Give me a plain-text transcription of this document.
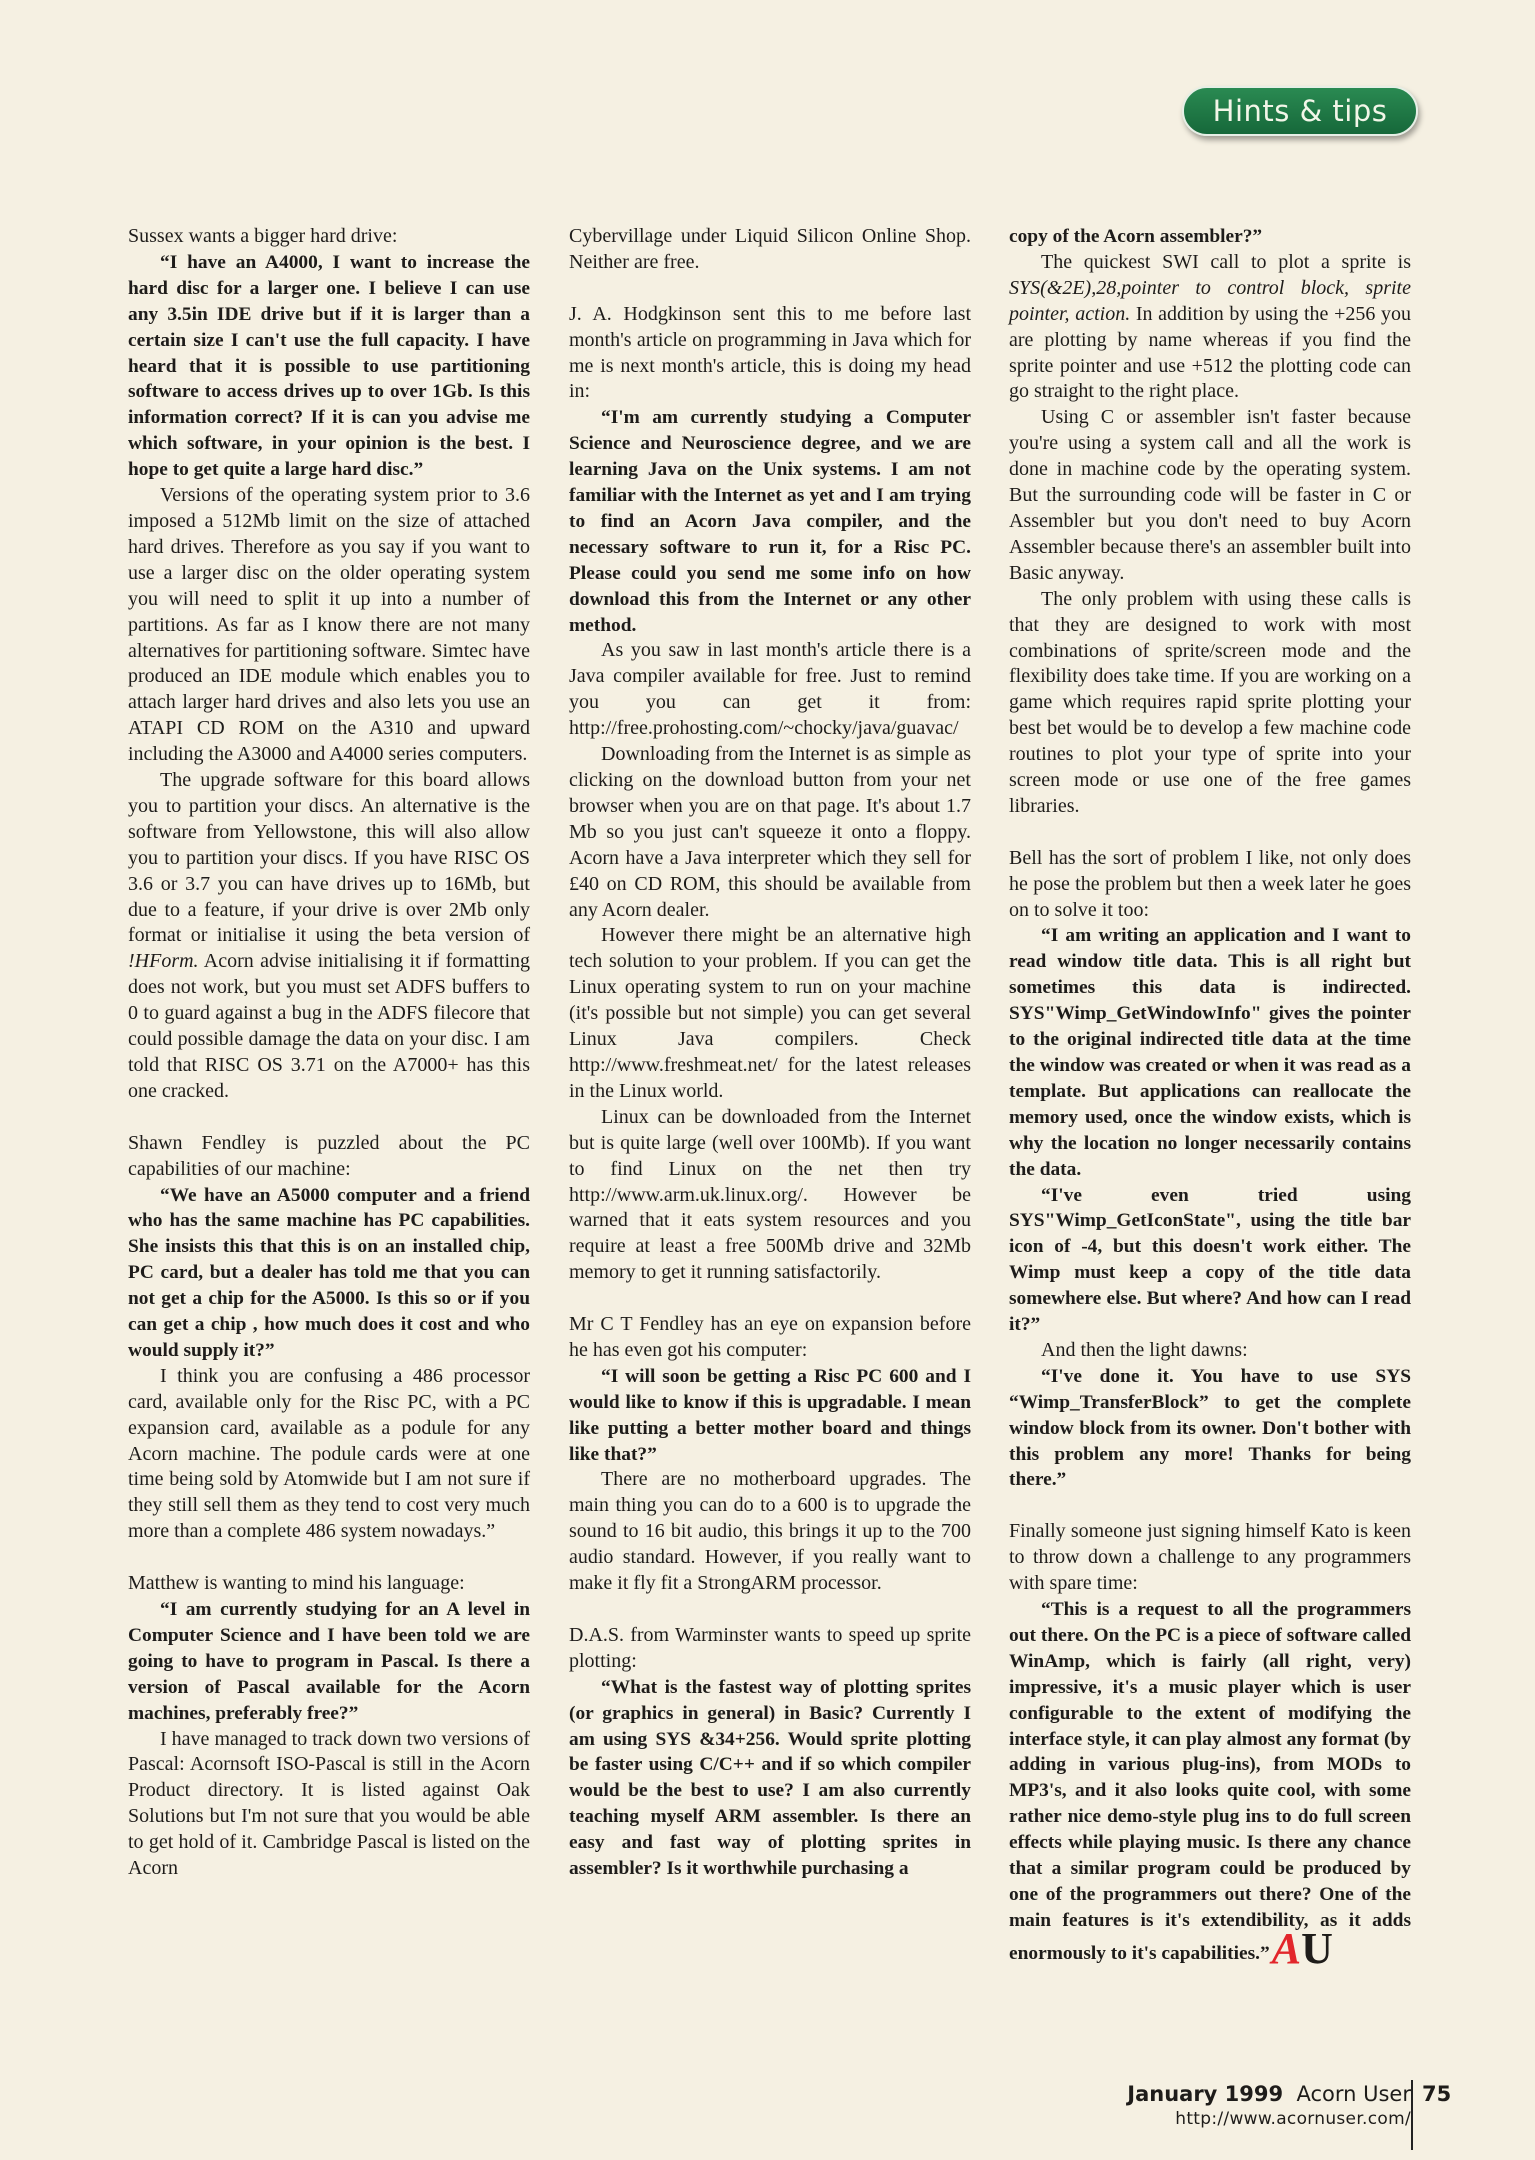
Hints & tips

Sussex wants a bigger hard drive:

“I have an A4000, I want to increase the hard disc for a larger one. I believe I can use any 3.5in IDE drive but if it is larger than a certain size I can't use the full capacity. I have heard that it is possible to use partitioning software to access drives up to over 1Gb. Is this information correct? If it is can you advise me which software, in your opinion is the best. I hope to get quite a large hard disc.”

Versions of the operating system prior to 3.6 imposed a 512Mb limit on the size of attached hard drives. Therefore as you say if you want to use a larger disc on the older operating system you will need to split it up into a number of partitions. As far as I know there are not many alternatives for partitioning software. Simtec have produced an IDE module which enables you to attach larger hard drives and also lets you use an ATAPI CD ROM on the A310 and upward including the A3000 and A4000 series computers.

The upgrade software for this board allows you to partition your discs. An alternative is the software from Yellowstone, this will also allow you to partition your discs. If you have RISC OS 3.6 or 3.7 you can have drives up to 16Mb, but due to a feature, if your drive is over 2Mb only format or initialise it using the beta version of !HForm. Acorn advise initialising it if formatting does not work, but you must set ADFS buffers to 0 to guard against a bug in the ADFS filecore that could possible damage the data on your disc. I am told that RISC OS 3.71 on the A7000+ has this one cracked.

Shawn Fendley is puzzled about the PC capabilities of our machine:

“We have an A5000 computer and a friend who has the same machine has PC capabilities. She insists this that this is on an installed chip, PC card, but a dealer has told me that you can not get a chip for the A5000. Is this so or if you can get a chip , how much does it cost and who would supply it?”

I think you are confusing a 486 processor card, available only for the Risc PC, with a PC expansion card, available as a podule for any Acorn machine. The podule cards were at one time being sold by Atomwide but I am not sure if they still sell them as they tend to cost very much more than a complete 486 system nowadays.”

Matthew is wanting to mind his language:

“I am currently studying for an A level in Computer Science and I have been told we are going to have to program in Pascal. Is there a version of Pascal available for the Acorn machines, preferably free?”

I have managed to track down two versions of Pascal: Acornsoft ISO-Pascal is still in the Acorn Product directory. It is listed against Oak Solutions but I'm not sure that you would be able to get hold of it. Cambridge Pascal is listed on the Acorn

Cybervillage under Liquid Silicon Online Shop. Neither are free.

J. A. Hodgkinson sent this to me before last month's article on programming in Java which for me is next month's article, this is doing my head in:

“I'm am currently studying a Computer Science and Neuroscience degree, and we are learning Java on the Unix systems. I am not familiar with the Internet as yet and I am trying to find an Acorn Java compiler, and the necessary software to run it, for a Risc PC. Please could you send me some info on how download this from the Internet or any other method.

As you saw in last month's article there is a Java compiler available for free. Just to remind you you can get it from: http://free.prohosting.com/~chocky/java/guavac/

Downloading from the Internet is as simple as clicking on the download button from your net browser when you are on that page. It's about 1.7 Mb so you just can't squeeze it onto a floppy. Acorn have a Java interpreter which they sell for £40 on CD ROM, this should be available from any Acorn dealer.

However there might be an alternative high tech solution to your problem. If you can get the Linux operating system to run on your machine (it's possible but not simple) you can get several Linux Java compilers. Check http://www.freshmeat.net/ for the latest releases in the Linux world.

Linux can be downloaded from the Internet but is quite large (well over 100Mb). If you want to find Linux on the net then try http://www.arm.uk.linux.org/. However be warned that it eats system resources and you require at least a free 500Mb drive and 32Mb memory to get it running satisfactorily.

Mr C T Fendley has an eye on expansion before he has even got his computer:

“I will soon be getting a Risc PC 600 and I would like to know if this is upgradable. I mean like putting a better mother board and things like that?”

There are no motherboard upgrades. The main thing you can do to a 600 is to upgrade the sound to 16 bit audio, this brings it up to the 700 audio standard. However, if you really want to make it fly fit a StrongARM processor.

D.A.S. from Warminster wants to speed up sprite plotting:

“What is the fastest way of plotting sprites (or graphics in general) in Basic? Currently I am using SYS &34+256. Would sprite plotting be faster using C/C++ and if so which compiler would be the best to use? I am also currently teaching myself ARM assembler. Is there an easy and fast way of plotting sprites in assembler? Is it worthwhile purchasing a

copy of the Acorn assembler?”

The quickest SWI call to plot a sprite is SYS(&2E),28,pointer to control block, sprite pointer, action. In addition by using the +256 you are plotting by name whereas if you find the sprite pointer and use +512 the plotting code can go straight to the right place.

Using C or assembler isn't faster because you're using a system call and all the work is done in machine code by the operating system. But the surrounding code will be faster in C or Assembler but you don't need to buy Acorn Assembler because there's an assembler built into Basic anyway.

The only problem with using these calls is that they are designed to work with most combinations of sprite/screen mode and the flexibility does take time. If you are working on a game which requires rapid sprite plotting your best bet would be to develop a few machine code routines to plot your type of sprite into your screen mode or use one of the free games libraries.

Bell has the sort of problem I like, not only does he pose the problem but then a week later he goes on to solve it too:

“I am writing an application and I want to read window title data. This is all right but sometimes this data is indirected. SYS"Wimp_GetWindowInfo" gives the pointer to the original indirected title data at the time the window was created or when it was read as a template. But applications can reallocate the memory used, once the window exists, which is why the location no longer necessarily contains the data.

“I've even tried using SYS"Wimp_GetIconState", using the title bar icon of -4, but this doesn't work either. The Wimp must keep a copy of the title data somewhere else. But where? And how can I read it?”

And then the light dawns:

“I've done it. You have to use SYS “Wimp_TransferBlock” to get the complete window block from its owner. Don't bother with this problem any more! Thanks for being there.”

Finally someone just signing himself Kato is keen to throw down a challenge to any programmers with spare time:

“This is a request to all the programmers out there. On the PC is a piece of software called WinAmp, which is fairly (all right, very) impressive, it's a music player which is user configurable to the extent of modifying the interface style, it can play almost any format (by adding in various plug-ins), from MODs to MP3's, and it also looks quite cool, with some rather nice demo-style plug ins to do full screen effects while playing music. Is there any chance that a similar program could be produced by one of the programmers out there? One of the main features is it's extendibility, as it adds enormously to it's capabilities.”AU

January 1999 Acorn User
http://www.acornuser.com/
75
